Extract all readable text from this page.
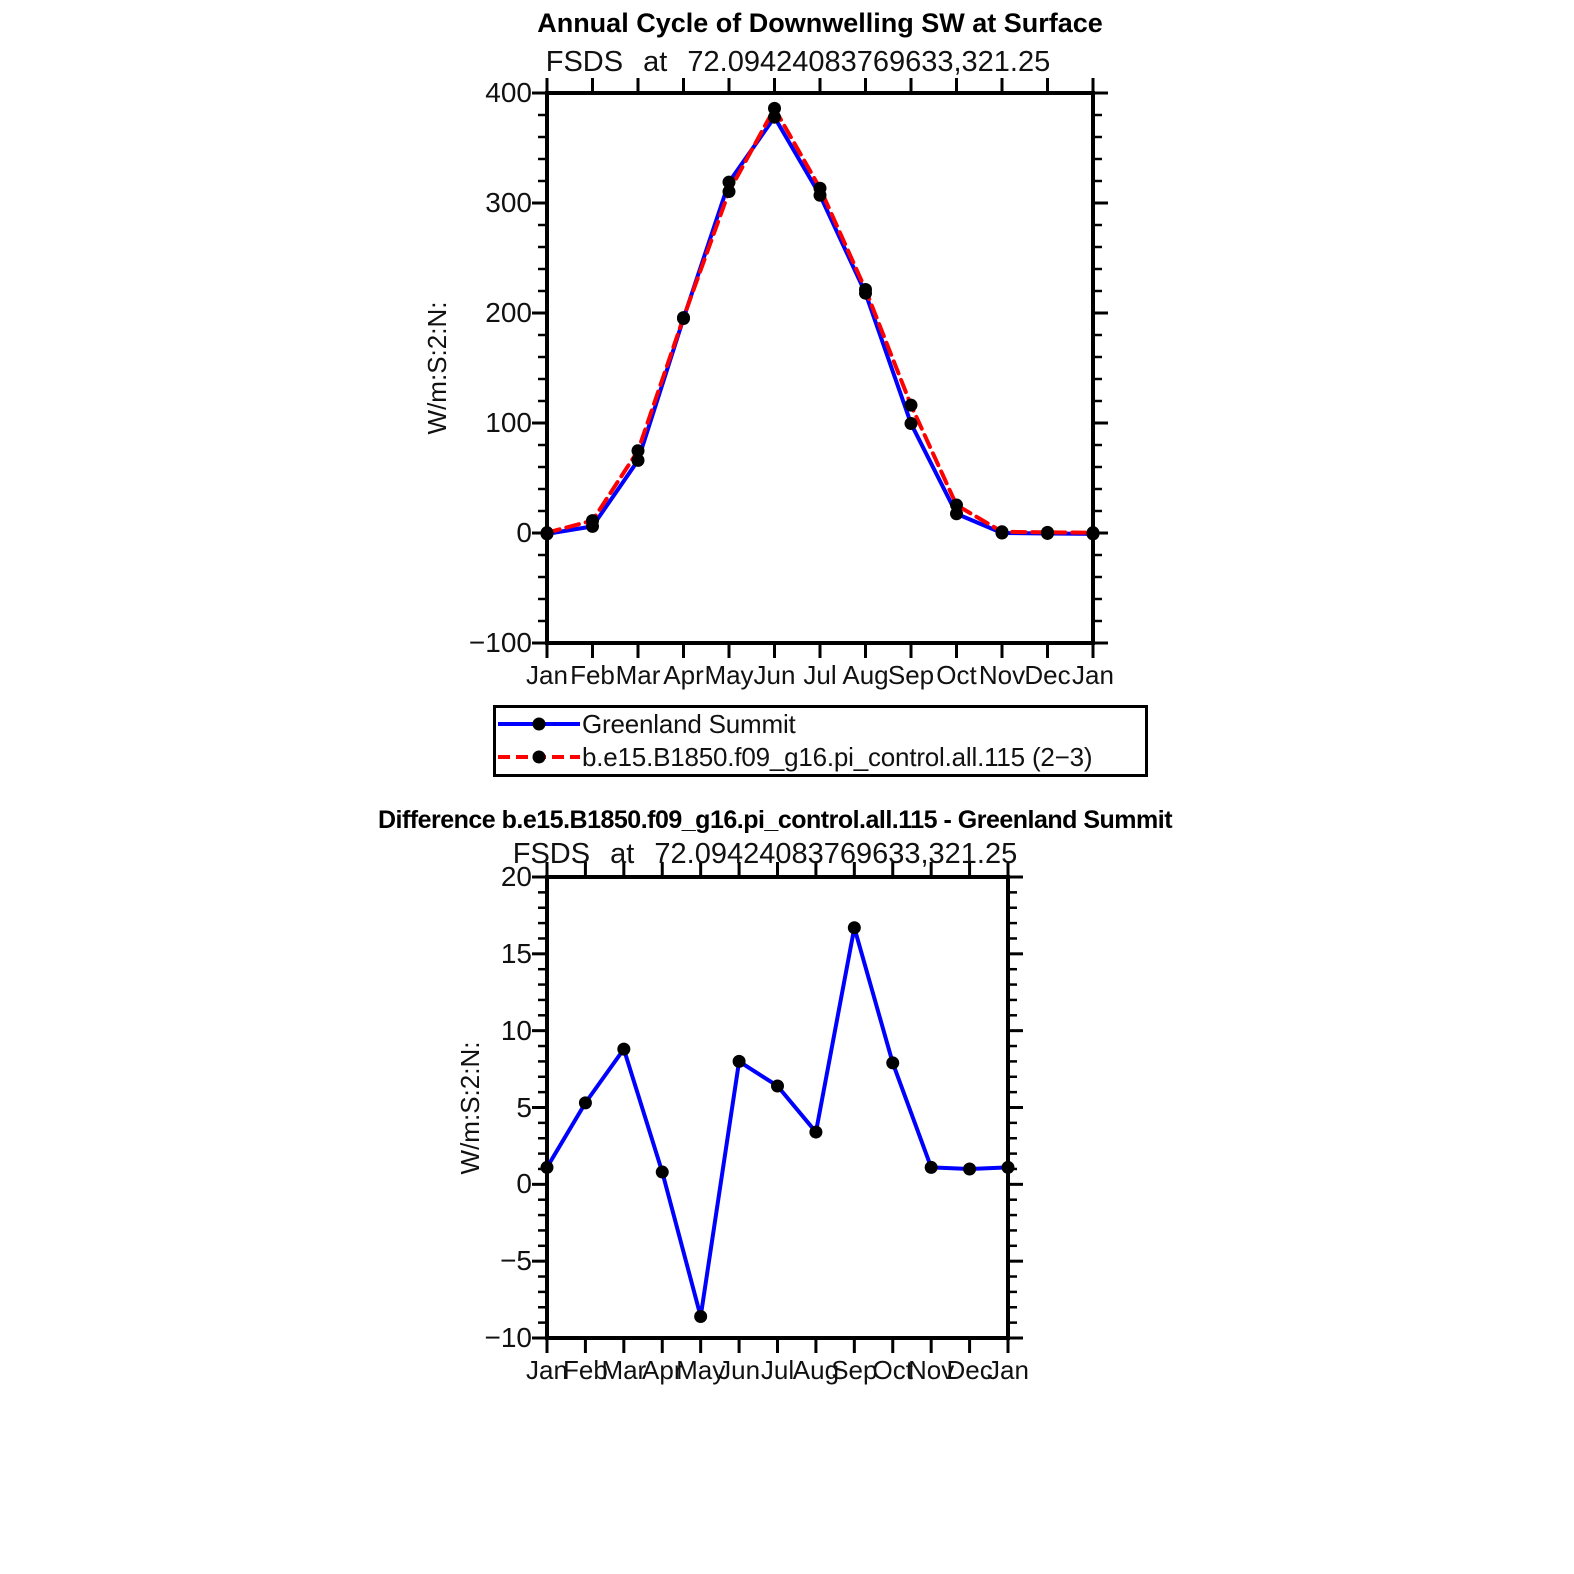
Annual Cycle of Downwelling SW at Surface
FSDS at 72.09424083769633,321.25
W/m:S:2:N:
Difference b.e15.B1850.f09_g16.pi_control.all.115 - Greenland Summit
FSDS at 72.09424083769633,321.25
W/m:S:2:N:
Greenland Summit
b.e15.B1850.f09_g16.pi_control.all.115 (2−3)
Jan Feb Mar Apr May Jun Jul Aug Sep Oct Nov Dec Jan
400
300
200
100
0
−100
Jan
Feb
Mar
Apr
May
Jun Jul
Aug
Sep
Oct
Nov
Dec
Jan
20
15
10
5
0
−5
−10
